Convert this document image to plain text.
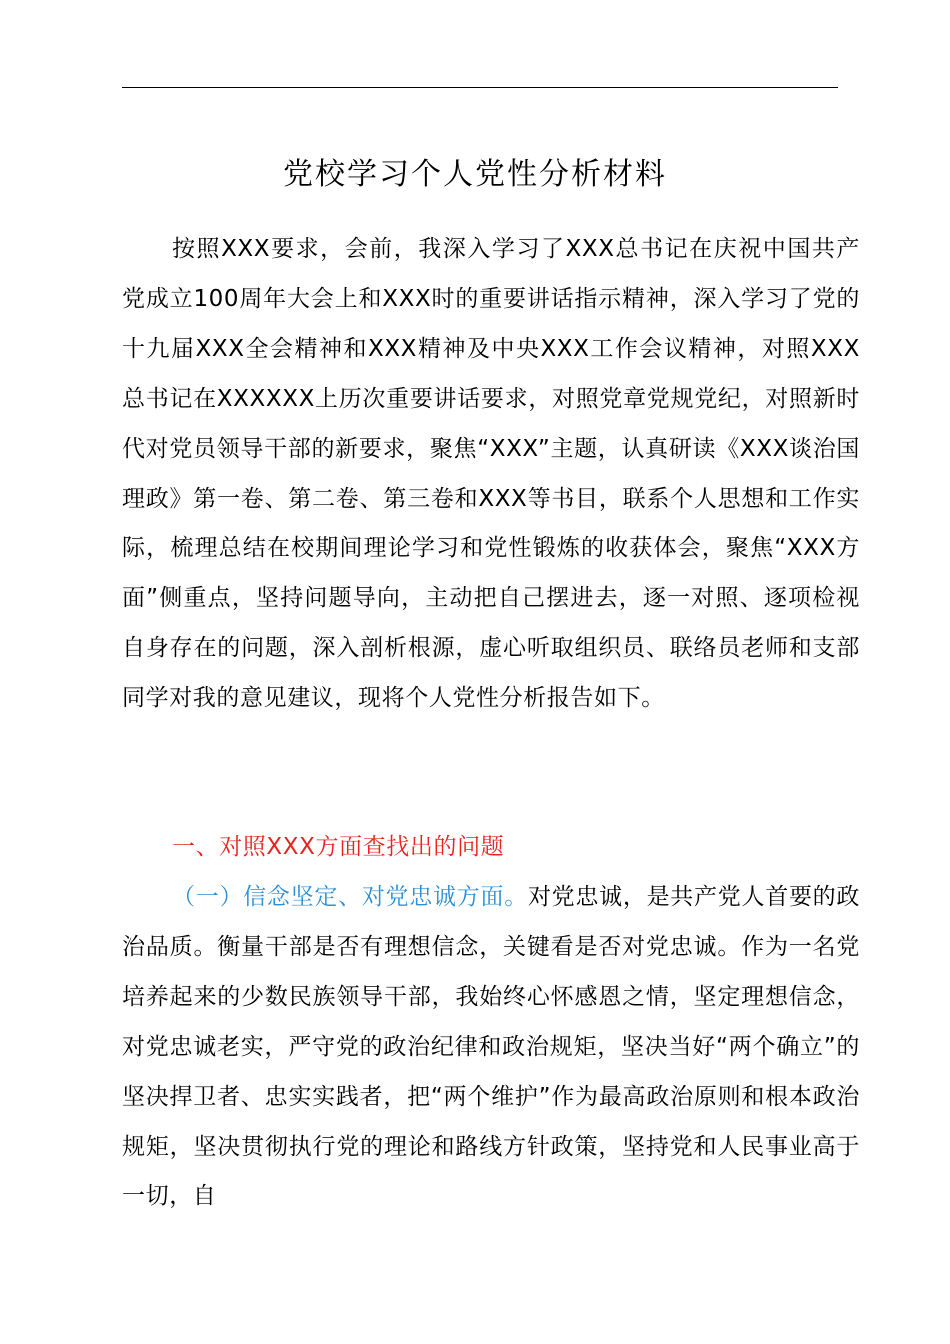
党校学习个人党性分析材料

按照XXX要求，会前，我深入学习了XXX总书记在庆祝中国共产党成立100周年大会上和XXX时的重要讲话指示精神，深入学习了党的十九届XXX全会精神和XXX精神及中央XXX工作会议精神，对照XXX总书记在XXXXXX上历次重要讲话要求，对照党章党规党纪，对照新时代对党员领导干部的新要求，聚焦“XXX”主题，认真研读《XXX谈治国理政》第一卷、第二卷、第三卷和XXX等书目，联系个人思想和工作实际，梳理总结在校期间理论学习和党性锻炼的收获体会，聚焦“XXX方面”侧重点，坚持问题导向，主动把自己摆进去，逐一对照、逐项检视自身存在的问题，深入剖析根源，虚心听取组织员、联络员老师和支部同学对我的意见建议，现将个人党性分析报告如下。

一、对照XXX方面查找出的问题

（一）信念坚定、对党忠诚方面。对党忠诚，是共产党人首要的政治品质。衡量干部是否有理想信念，关键看是否对党忠诚。作为一名党培养起来的少数民族领导干部，我始终心怀感恩之情，坚定理想信念，对党忠诚老实，严守党的政治纪律和政治规矩，坚决当好“两个确立”的坚决捍卫者、忠实实践者，把“两个维护”作为最高政治原则和根本政治规矩，坚决贯彻执行党的理论和路线方针政策，坚持党和人民事业高于一切，自
